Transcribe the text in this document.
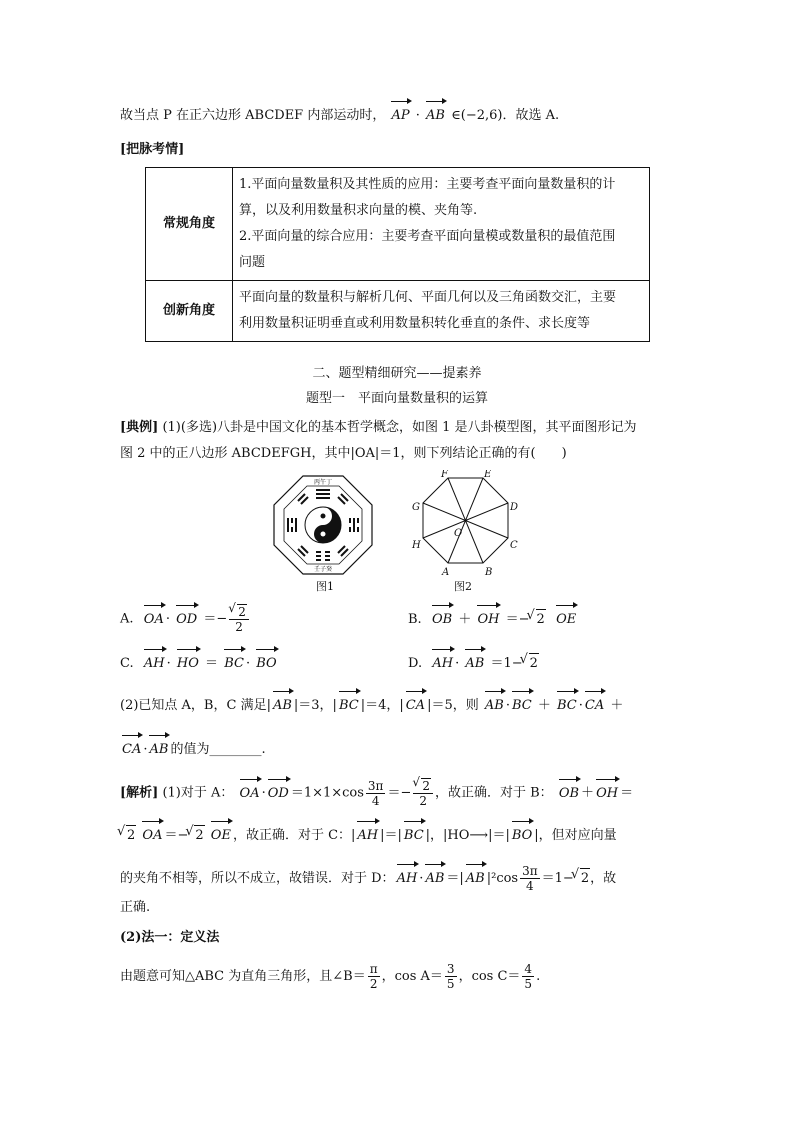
故当点 P 在正六边形 ABCDEF 内部运动时， AP · AB ∈(−2,6)．故选 A.
[把脉考情]
常规角度	1.平面向量数量积及其性质的应用：主要考查平面向量数量积的计
算，以及利用数量积求向量的模、夹角等.
2.平面向量的综合应用：主要考查平面向量模或数量积的最值范围
问题

创新角度	平面向量的数量积与解析几何、平面几何以及三角函数交汇，主要
利用数量积证明垂直或利用数量积转化垂直的条件、求长度等
二、题型精细研究——提素养
题型一　平面向量数量积的运算
[典例] (1)(多选)八卦是中国文化的基本哲学概念，如图 1 是八卦模型图，其平面图形记为
图 2 中的正八边形 ABCDEFGH，其中|OA|＝1，则下列结论正确的有(　　)
丙午丁
壬子癸
图1
A	B
C
D
E
F
G
H
O
图2
A. OA · OD ＝− √ $\frac{2}{2}$	B. OB ＋ OH ＝− √ 2 OE
C. AH · HO ＝ BC · BO	D. AH · AB ＝1− √ 2
(2)已知点 A，B，C 满足| AB |＝3，| BC |＝4，| CA |＝5，则 AB · BC ＋ BC · CA ＋
CA · AB 的值为________.
[解析] (1)对于 A： OA · OD $=1\times 1\times\cos \frac{3\pi}{4}$ ＝− √ $\frac{2}{2}$ ，故正确．对于 B： OB ＋ OH ＝
√ 2 OA ＝− √ 2 OE ，故正确．对于 C：| AH |＝| BC |，|HO⟶|＝| BO |，但对应向量
的夹角不相等，所以不成立，故错误．对于 D： AH · AB ＝| AB $|^2\cos \frac{3\pi}{4} =1-$ √ 2，故
正确.
(2)法一：定义法
由题意可知△ABC 为直角三角形，且∠B＝ $\frac{\pi}{2}$ ，$\cos A= \frac{3}{5}$ ，$\cos C= \frac{4}{5}$ .
